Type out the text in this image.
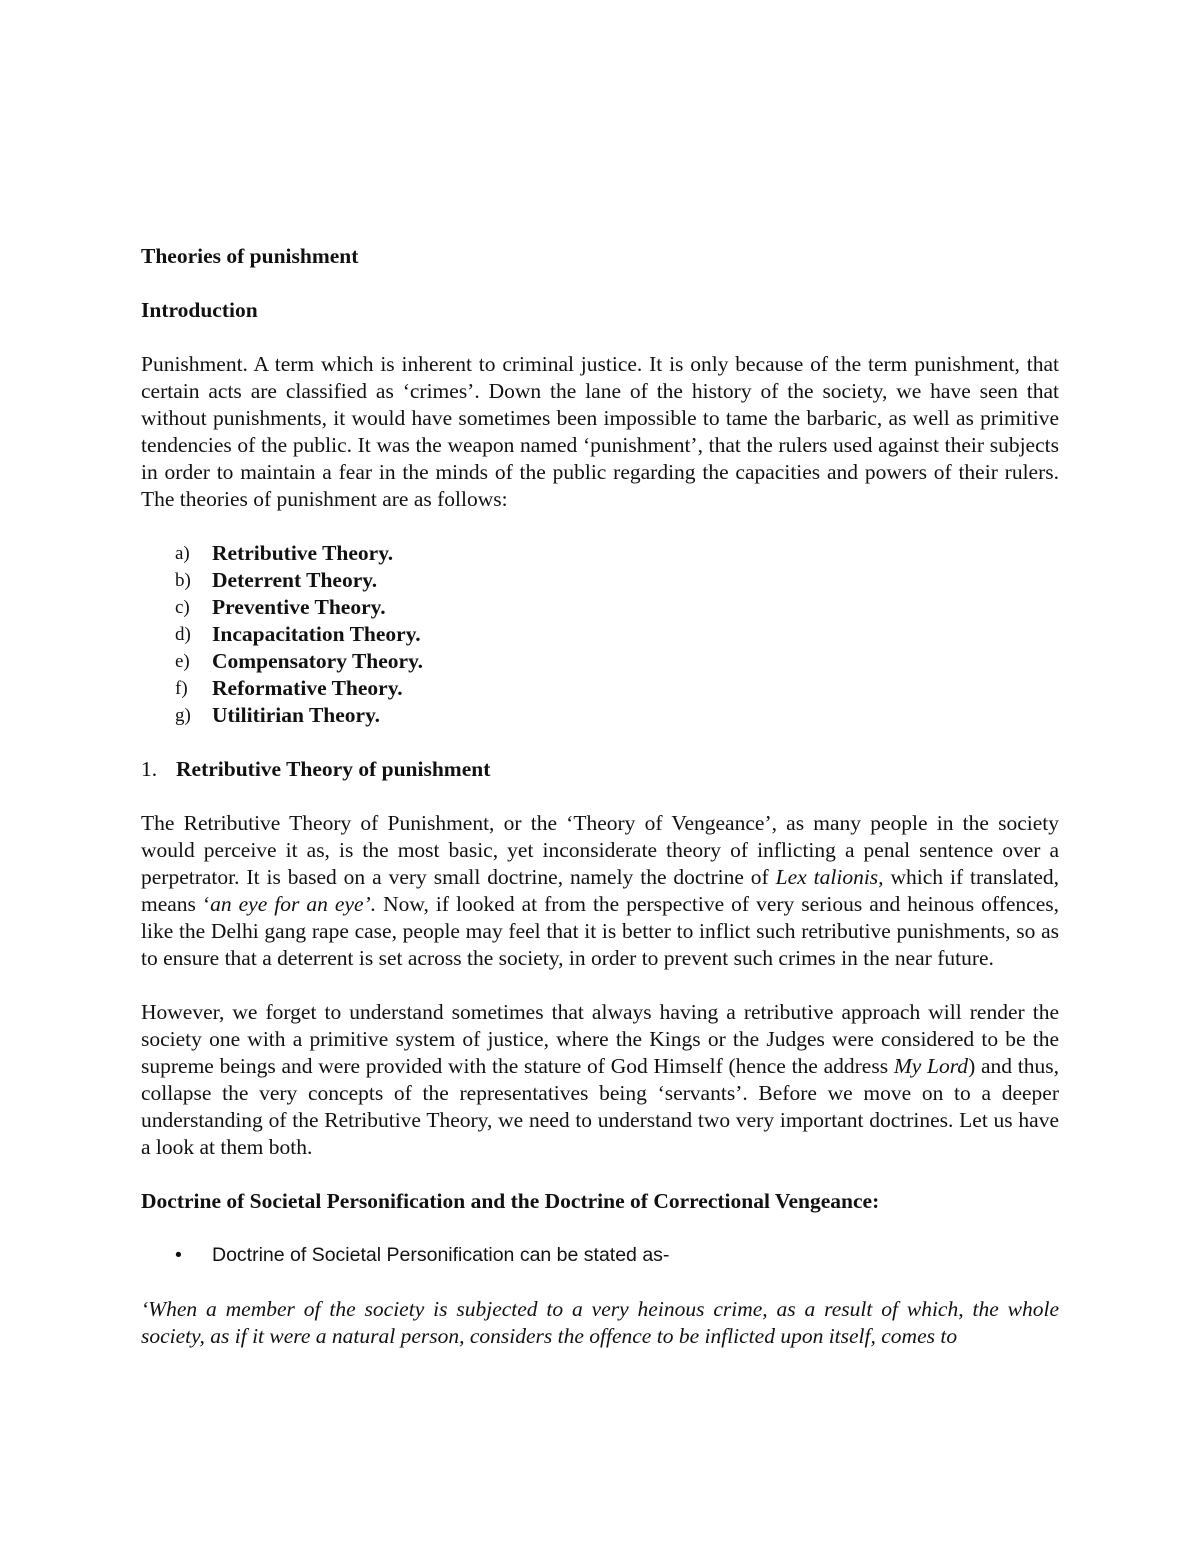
Theories of punishment
Introduction

Punishment. A term which is inherent to criminal justice. It is only because of the term punishment, that certain acts are classified as ‘crimes’. Down the lane of the history of the society, we have seen that without punishments, it would have sometimes been impossible to tame the barbaric, as well as primitive tendencies of the public. It was the weapon named ‘punishment’, that the rulers used against their subjects in order to maintain a fear in the minds of the public regarding the capacities and powers of their rulers. The theories of punishment are as follows:

a) Retributive Theory.
b) Deterrent Theory.
c) Preventive Theory.
d) Incapacitation Theory.
e) Compensatory Theory.
f) Reformative Theory.
g) Utilitirian Theory.
1. Retributive Theory of punishment

The Retributive Theory of Punishment, or the ‘Theory of Vengeance’, as many people in the society would perceive it as, is the most basic, yet inconsiderate theory of inflicting a penal sentence over a perpetrator. It is based on a very small doctrine, namely the doctrine of Lex talionis, which if translated, means ‘an eye for an eye’. Now, if looked at from the perspective of very serious and heinous offences, like the Delhi gang rape case, people may feel that it is better to inflict such retributive punishments, so as to ensure that a deterrent is set across the society, in order to prevent such crimes in the near future.

However, we forget to understand sometimes that always having a retributive approach will render the society one with a primitive system of justice, where the Kings or the Judges were considered to be the supreme beings and were provided with the stature of God Himself (hence the address My Lord) and thus, collapse the very concepts of the representatives being ‘servants’. Before we move on to a deeper understanding of the Retributive Theory, we need to understand two very important doctrines. Let us have a look at them both.

Doctrine of Societal Personification and the Doctrine of Correctional Vengeance:
• Doctrine of Societal Personification can be stated as-

‘When a member of the society is subjected to a very heinous crime, as a result of which, the whole society, as if it were a natural person, considers the offence to be inflicted upon itself, comes to
